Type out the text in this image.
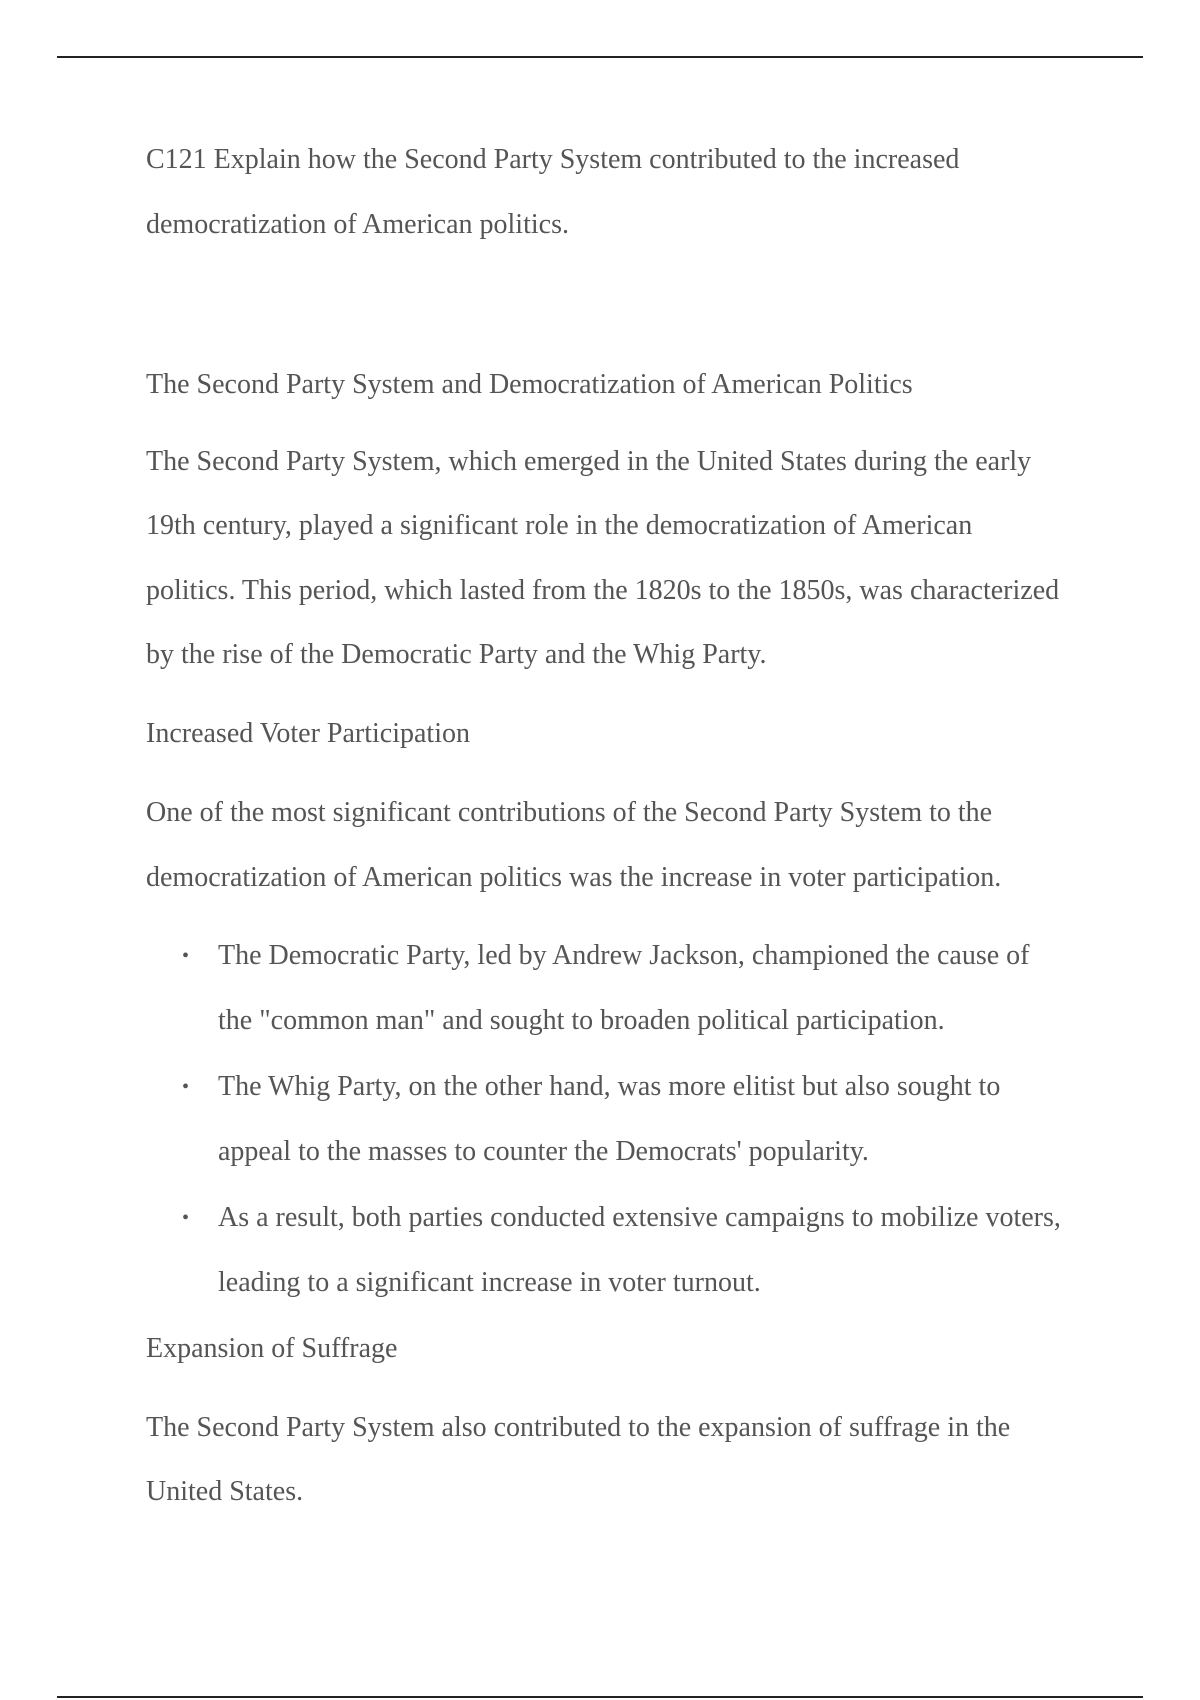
C121 Explain how the Second Party System contributed to the increased democratization of American politics.

The Second Party System and Democratization of American Politics

The Second Party System, which emerged in the United States during the early 19th century, played a significant role in the democratization of American politics. This period, which lasted from the 1820s to the 1850s, was characterized by the rise of the Democratic Party and the Whig Party.

Increased Voter Participation

One of the most significant contributions of the Second Party System to the democratization of American politics was the increase in voter participation.

• The Democratic Party, led by Andrew Jackson, championed the cause of the "common man" and sought to broaden political participation.
• The Whig Party, on the other hand, was more elitist but also sought to appeal to the masses to counter the Democrats' popularity.
• As a result, both parties conducted extensive campaigns to mobilize voters, leading to a significant increase in voter turnout.

Expansion of Suffrage

The Second Party System also contributed to the expansion of suffrage in the United States.
